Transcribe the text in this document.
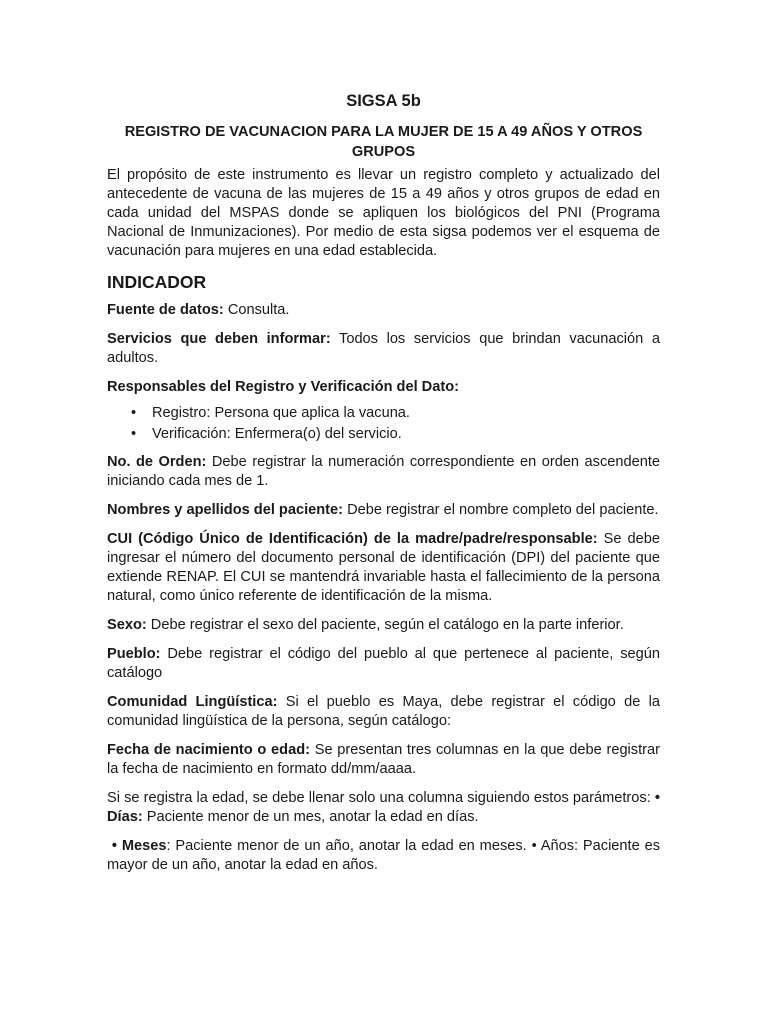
SIGSA 5b
REGISTRO DE VACUNACION PARA LA MUJER DE 15 A 49 AÑOS Y OTROS GRUPOS

El propósito de este instrumento es llevar un registro completo y actualizado del antecedente de vacuna de las mujeres de 15 a 49 años y otros grupos de edad en cada unidad del MSPAS donde se apliquen los biológicos del PNI (Programa Nacional de Inmunizaciones). Por medio de esta sigsa podemos ver el esquema de vacunación para mujeres en una edad establecida.

INDICADOR

Fuente de datos: Consulta.

Servicios que deben informar: Todos los servicios que brindan vacunación a adultos.

Responsables del Registro y Verificación del Dato:

• Registro: Persona que aplica la vacuna.
• Verificación: Enfermera(o) del servicio.

No. de Orden: Debe registrar la numeración correspondiente en orden ascendente iniciando cada mes de 1.

Nombres y apellidos del paciente: Debe registrar el nombre completo del paciente.

CUI (Código Único de Identificación) de la madre/padre/responsable: Se debe ingresar el número del documento personal de identificación (DPI) del paciente que extiende RENAP. El CUI se mantendrá invariable hasta el fallecimiento de la persona natural, como único referente de identificación de la misma.

Sexo: Debe registrar el sexo del paciente, según el catálogo en la parte inferior.

Pueblo: Debe registrar el código del pueblo al que pertenece al paciente, según catálogo

Comunidad Lingüística: Si el pueblo es Maya, debe registrar el código de la comunidad lingüística de la persona, según catálogo:

Fecha de nacimiento o edad: Se presentan tres columnas en la que debe registrar la fecha de nacimiento en formato dd/mm/aaaa.

Si se registra la edad, se debe llenar solo una columna siguiendo estos parámetros: • Días: Paciente menor de un mes, anotar la edad en días.

• Meses: Paciente menor de un año, anotar la edad en meses. • Años: Paciente es mayor de un año, anotar la edad en años.
